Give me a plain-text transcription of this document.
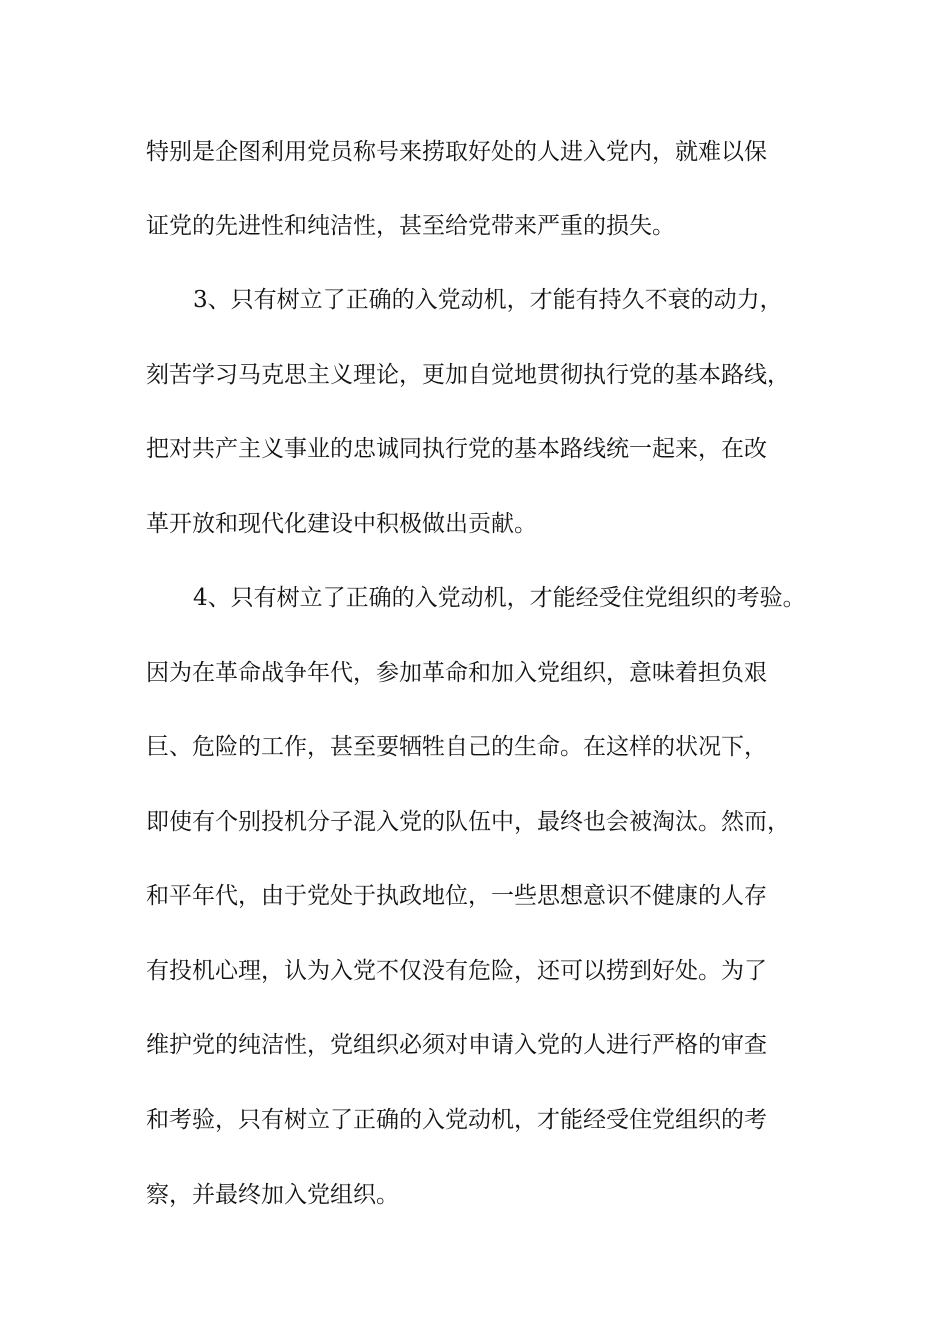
特别是企图利用党员称号来捞取好处的人进入党内，就难以保

证党的先进性和纯洁性，甚至给党带来严重的损失。

3、只有树立了正确的入党动机，才能有持久不衰的动力，

刻苦学习马克思主义理论，更加自觉地贯彻执行党的基本路线，

把对共产主义事业的忠诚同执行党的基本路线统一起来，在改

革开放和现代化建设中积极做出贡献。

4、只有树立了正确的入党动机，才能经受住党组织的考验。

因为在革命战争年代，参加革命和加入党组织，意味着担负艰

巨、危险的工作，甚至要牺牲自己的生命。在这样的状况下，

即使有个别投机分子混入党的队伍中，最终也会被淘汰。然而，

和平年代，由于党处于执政地位，一些思想意识不健康的人存

有投机心理，认为入党不仅没有危险，还可以捞到好处。为了

维护党的纯洁性，党组织必须对申请入党的人进行严格的审查

和考验，只有树立了正确的入党动机，才能经受住党组织的考

察，并最终加入党组织。
